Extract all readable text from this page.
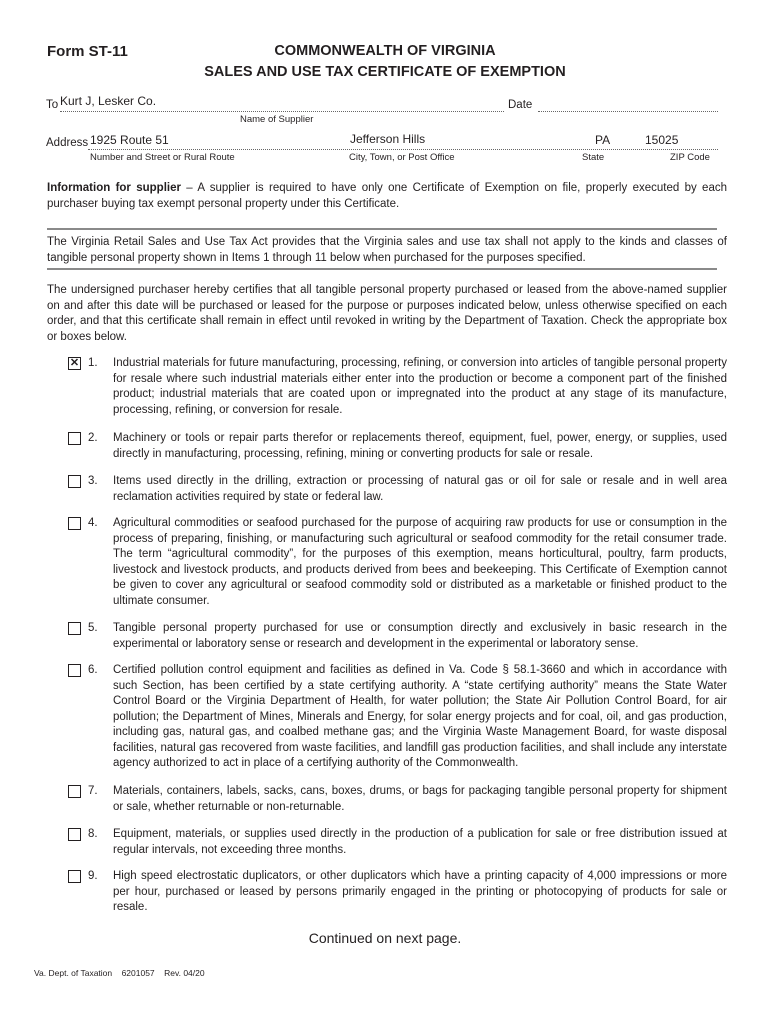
Form ST-11	COMMONWEALTH OF VIRGINIA
SALES AND USE TAX CERTIFICATE OF EXEMPTION
To Kurt J, Lesker Co.
Name of Supplier
Date
Address 1925 Route 51	Jefferson Hills	PA	15025
Number and Street or Rural Route	City, Town, or Post Office	State	ZIP Code
Information for supplier – A supplier is required to have only one Certificate of Exemption on file, properly executed by each purchaser buying tax exempt personal property under this Certificate.
The Virginia Retail Sales and Use Tax Act provides that the Virginia sales and use tax shall not apply to the kinds and classes of tangible personal property shown in Items 1 through 11 below when purchased for the purposes specified.
The undersigned purchaser hereby certifies that all tangible personal property purchased or leased from the above-named supplier on and after this date will be purchased or leased for the purpose or purposes indicated below, unless otherwise specified on each order, and that this certificate shall remain in effect until revoked in writing by the Department of Taxation. Check the appropriate box or boxes below.
✕
1. Industrial materials for future manufacturing, processing, refining, or conversion into articles of tangible personal property for resale where such industrial materials either enter into the production or become a component part of the finished product; industrial materials that are coated upon or impregnated into the product at any stage of its manufacture, processing, refining, or conversion for resale.
2. Machinery or tools or repair parts therefor or replacements thereof, equipment, fuel, power, energy, or supplies, used directly in manufacturing, processing, refining, mining or converting products for sale or resale.
3. Items used directly in the drilling, extraction or processing of natural gas or oil for sale or resale and in well area reclamation activities required by state or federal law.
4. Agricultural commodities or seafood purchased for the purpose of acquiring raw products for use or consumption in the process of preparing, finishing, or manufacturing such agricultural or seafood commodity for the retail consumer trade. The term “agricultural commodity”, for the purposes of this exemption, means horticultural, poultry, farm products, livestock and livestock products, and products derived from bees and beekeeping. This Certificate of Exemption cannot be given to cover any agricultural or seafood commodity sold or distributed as a marketable or finished product to the ultimate consumer.
5. Tangible personal property purchased for use or consumption directly and exclusively in basic research in the experimental or laboratory sense or research and development in the experimental or laboratory sense.
6. Certified pollution control equipment and facilities as defined in Va. Code § 58.1-3660 and which in accordance with such Section, has been certified by a state certifying authority. A “state certifying authority” means the State Water Control Board or the Virginia Department of Health, for water pollution; the State Air Pollution Control Board, for air pollution; the Department of Mines, Minerals and Energy, for solar energy projects and for coal, oil, and gas production, including gas, natural gas, and coalbed methane gas; and the Virginia Waste Management Board, for waste disposal facilities, natural gas recovered from waste facilities, and landfill gas production facilities, and shall include any interstate agency authorized to act in place of a certifying authority of the Commonwealth.
7. Materials, containers, labels, sacks, cans, boxes, drums, or bags for packaging tangible personal property for shipment or sale, whether returnable or non-returnable.
8. Equipment, materials, or supplies used directly in the production of a publication for sale or free distribution issued at regular intervals, not exceeding three months.
9. High speed electrostatic duplicators, or other duplicators which have a printing capacity of 4,000 impressions or more per hour, purchased or leased by persons primarily engaged in the printing or photocopying of products for sale or resale.
Continued on next page.
Va. Dept. of Taxation    6201057    Rev. 04/20
